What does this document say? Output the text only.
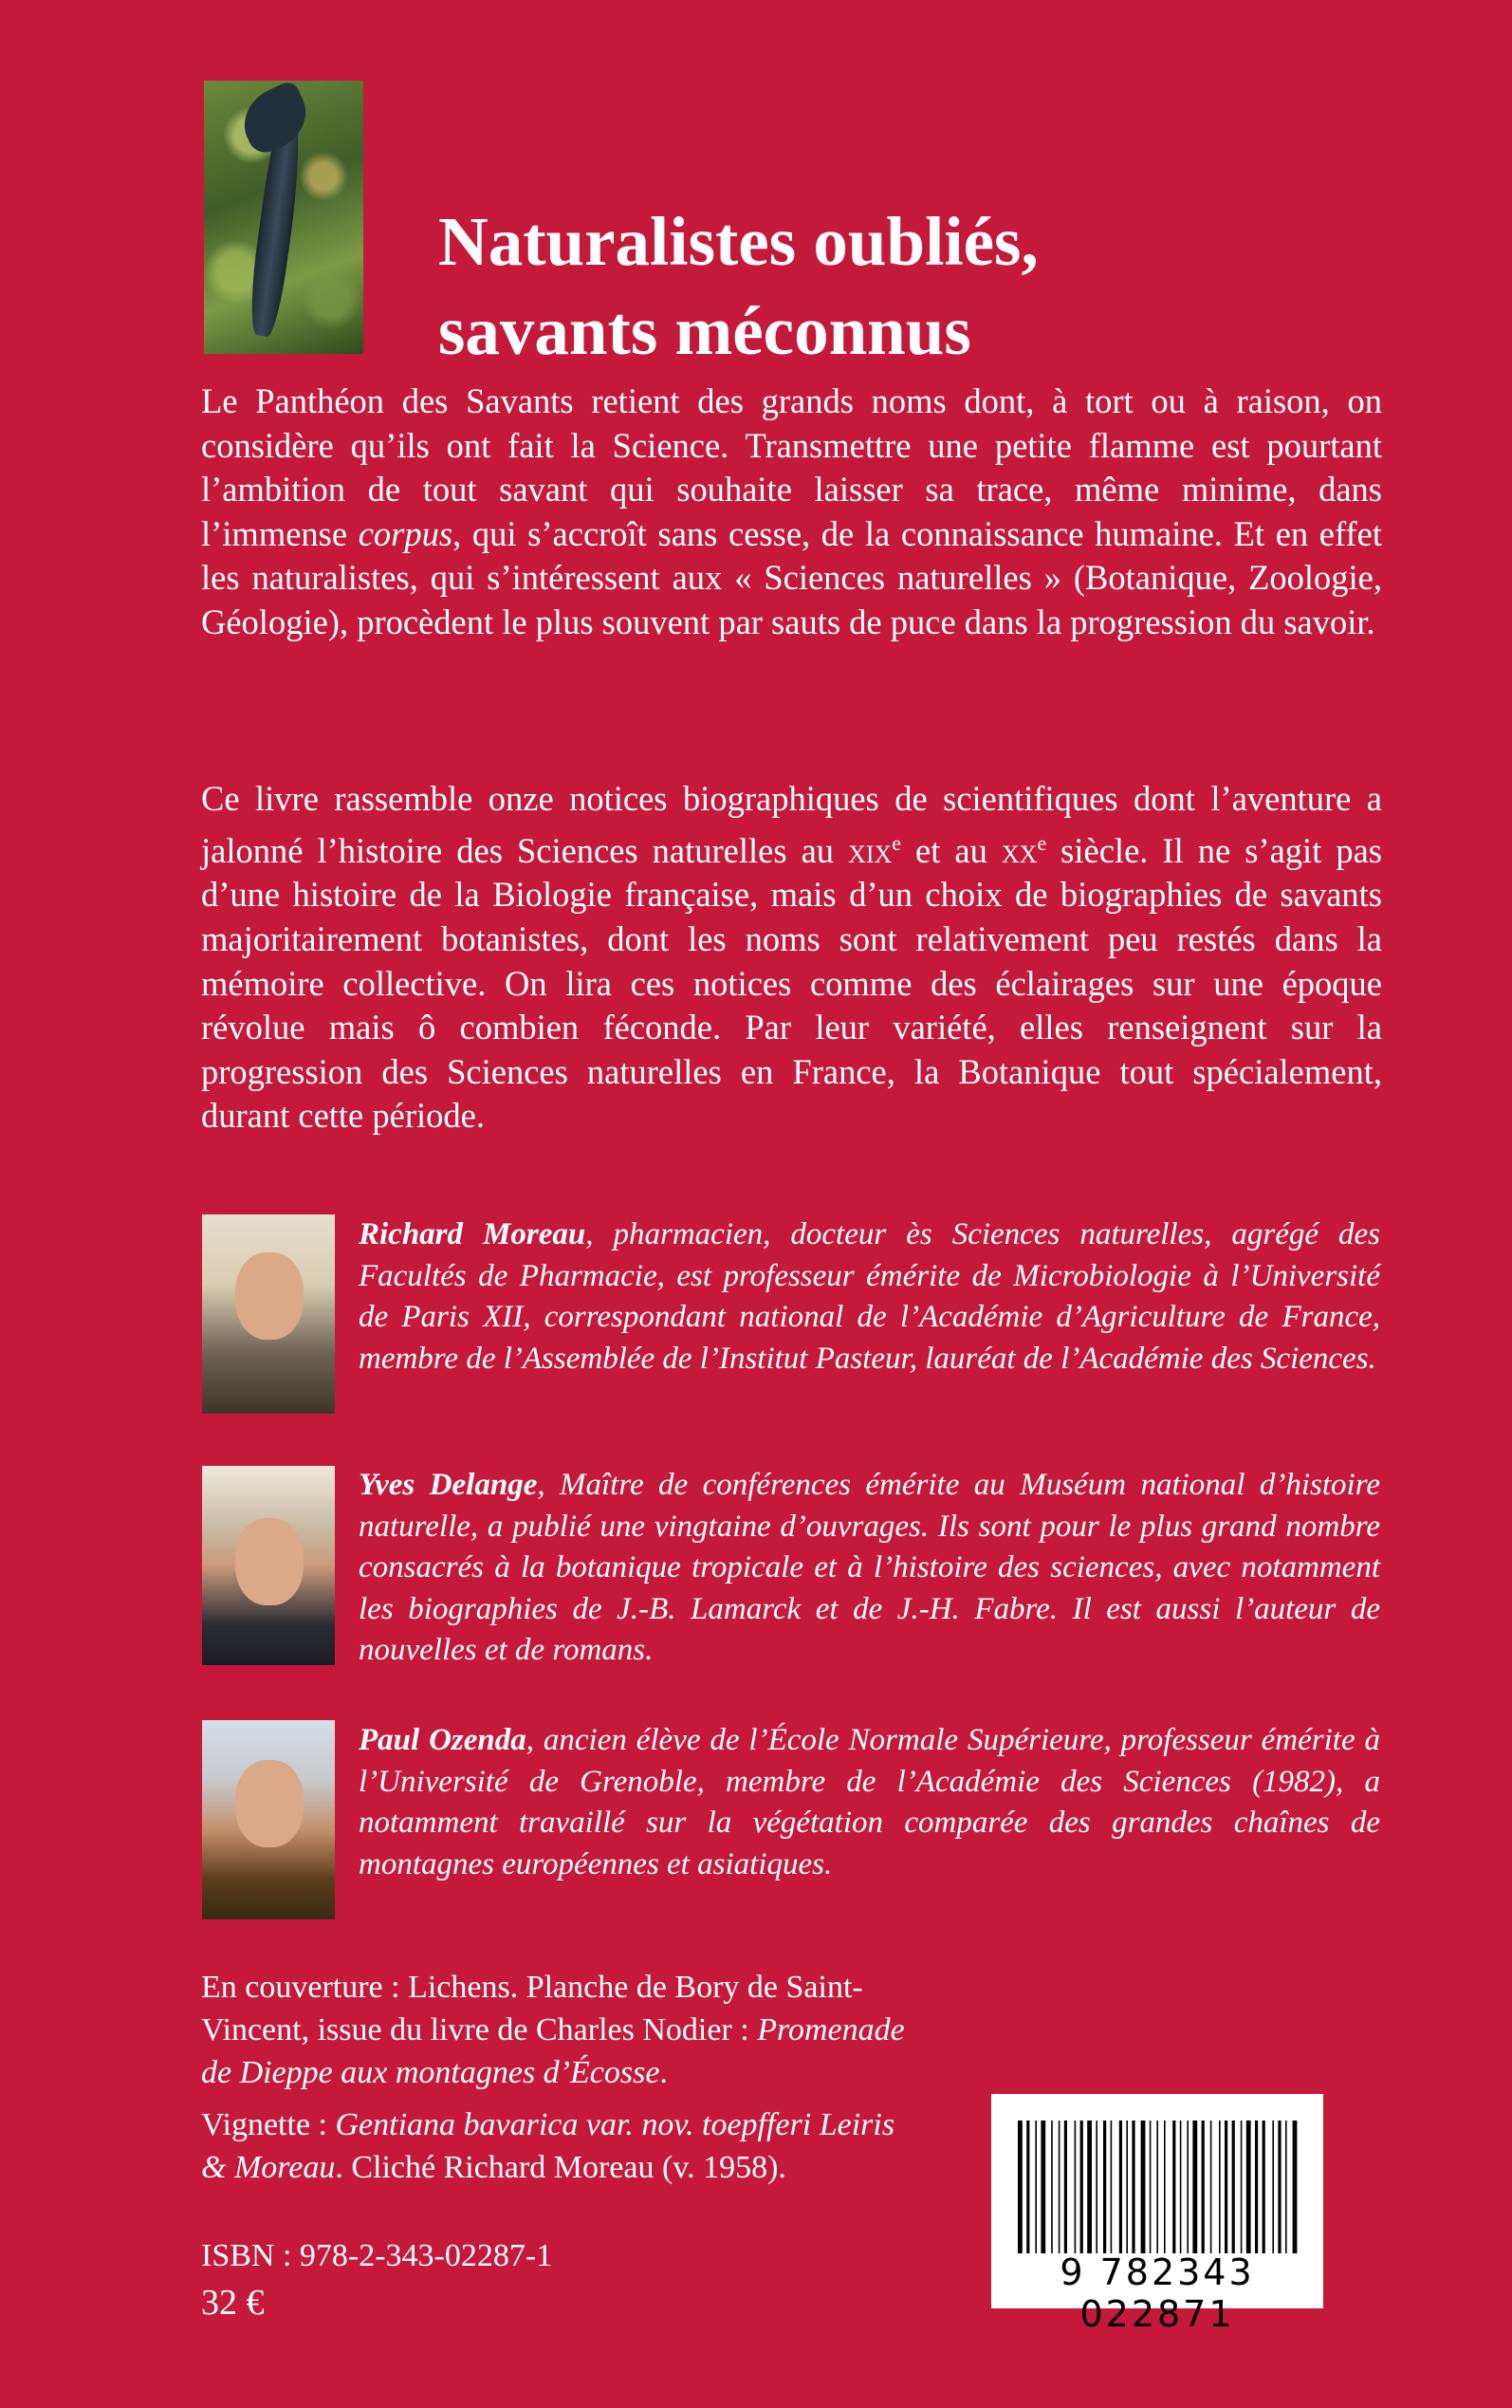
Naturalistes oubliés,
savants méconnus

Le Panthéon des Savants retient des grands noms dont, à tort ou à raison, on considère qu’ils ont fait la Science. Transmettre une petite flamme est pourtant l’ambition de tout savant qui souhaite laisser sa trace, même minime, dans l’immense corpus, qui s’accroît sans cesse, de la connaissance humaine. Et en effet les naturalistes, qui s’intéressent aux « Sciences naturelles » (Botanique, Zoologie, Géologie), procèdent le plus souvent par sauts de puce dans la progression du savoir.

Ce livre rassemble onze notices biographiques de scientifiques dont l’aventure a jalonné l’histoire des Sciences naturelles au xix$^e$ et au $xx^e$ siècle. Il ne s’agit pas d’une histoire de la Biologie française, mais d’un choix de biographies de savants majoritairement botanistes, dont les noms sont relativement peu restés dans la mémoire collective. On lira ces notices comme des éclairages sur une époque révolue mais ô combien féconde. Par leur variété, elles renseignent sur la progression des Sciences naturelles en France, la Botanique tout spécialement, durant cette période.

Richard Moreau, pharmacien, docteur ès Sciences naturelles, agrégé des Facultés de Pharmacie, est professeur émérite de Microbiologie à l’Université de Paris XII, correspondant national de l’Académie d’Agriculture de France, membre de l’Assemblée de l’Institut Pasteur, lauréat de l’Académie des Sciences.

Yves Delange, Maître de conférences émérite au Muséum national d’histoire naturelle, a publié une vingtaine d’ouvrages. Ils sont pour le plus grand nombre consacrés à la botanique tropicale et à l’histoire des sciences, avec notamment les biographies de J.-B. Lamarck et de J.-H. Fabre. Il est aussi l’auteur de nouvelles et de romans.

Paul Ozenda, ancien élève de l’École Normale Supérieure, professeur émérite à l’Université de Grenoble, membre de l’Académie des Sciences (1982), a notamment travaillé sur la végétation comparée des grandes chaînes de montagnes européennes et asiatiques.

En couverture : Lichens. Planche de Bory de Saint-
Vincent, issue du livre de Charles Nodier : Promenade
de Dieppe aux montagnes d’Écosse.

Vignette : Gentiana bavarica var. nov. toepfferi Leiris
& Moreau. Cliché Richard Moreau (v. 1958).

ISBN : 978-2-343-02287-1

32 €

9 782343 022871
